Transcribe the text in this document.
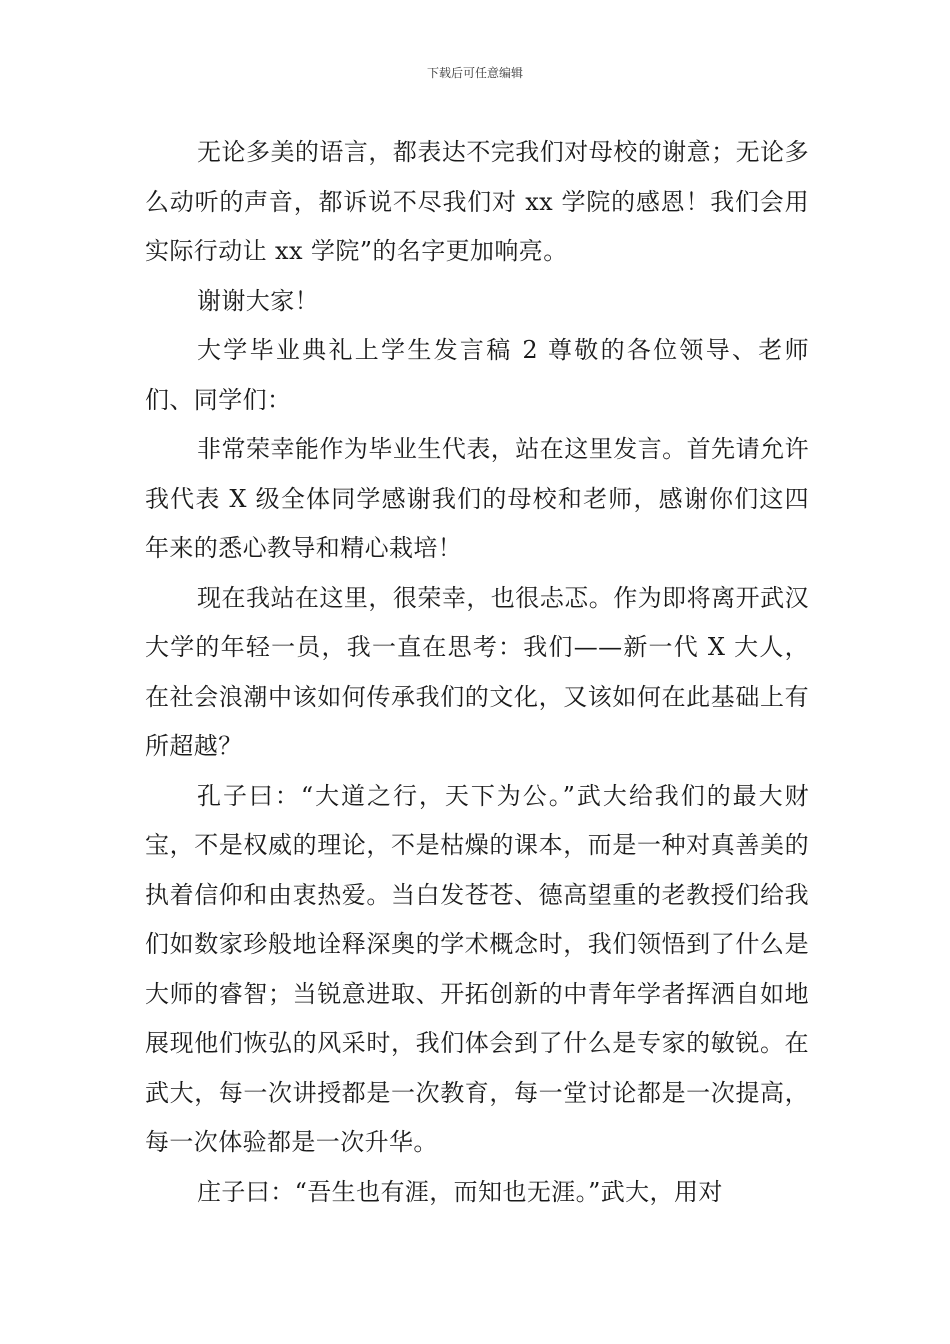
下载后可任意编辑

无论多美的语言，都表达不完我们对母校的谢意；无论多么动听的声音，都诉说不尽我们对 xx 学院的感恩！我们会用实际行动让 xx 学院”的名字更加响亮。

谢谢大家！

大学毕业典礼上学生发言稿 2 尊敬的各位领导、老师们、同学们：

非常荣幸能作为毕业生代表，站在这里发言。首先请允许我代表 X 级全体同学感谢我们的母校和老师，感谢你们这四年来的悉心教导和精心栽培！

现在我站在这里，很荣幸，也很忐忑。作为即将离开武汉大学的年轻一员，我一直在思考：我们——新一代 X 大人，在社会浪潮中该如何传承我们的文化，又该如何在此基础上有所超越？

孔子曰：“大道之行，天下为公。”武大给我们的最大财宝，不是权威的理论，不是枯燥的课本，而是一种对真善美的执着信仰和由衷热爱。当白发苍苍、德高望重的老教授们给我们如数家珍般地诠释深奥的学术概念时，我们领悟到了什么是大师的睿智；当锐意进取、开拓创新的中青年学者挥洒自如地展现他们恢弘的风采时，我们体会到了什么是专家的敏锐。在武大，每一次讲授都是一次教育，每一堂讨论都是一次提高，每一次体验都是一次升华。

庄子曰：“吾生也有涯，而知也无涯。”武大，用对
